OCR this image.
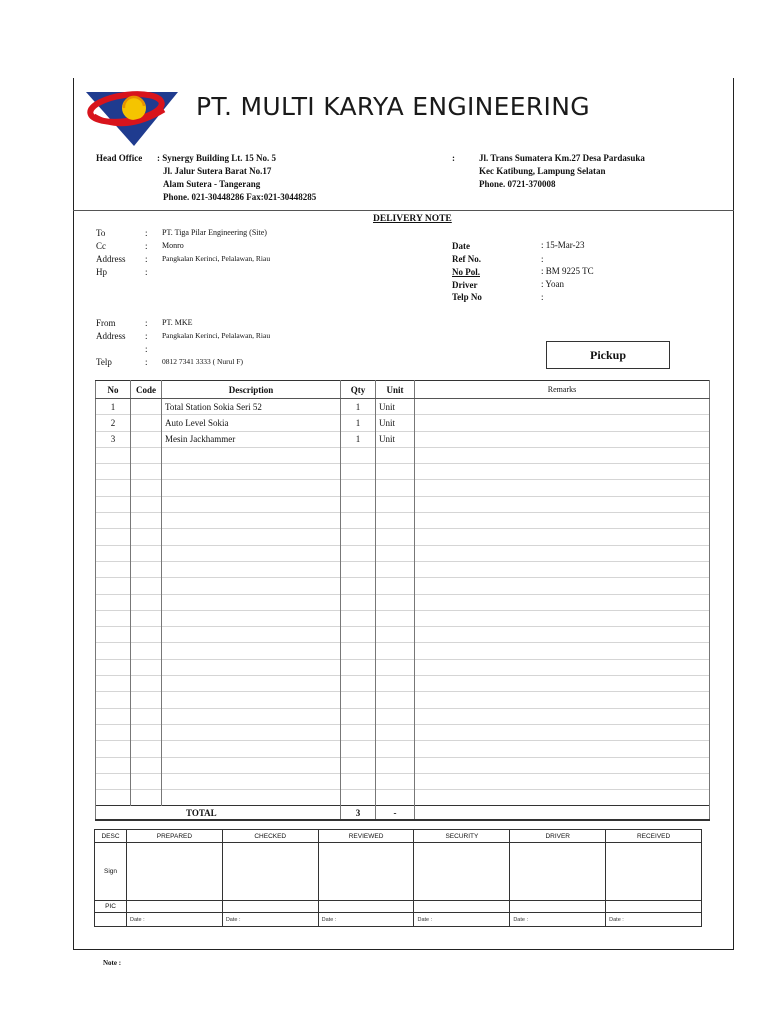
PT. MULTI KARYA ENGINEERING
Head Office : Synergy Building Lt. 15 No. 5
Jl. Jalur Sutera Barat No.17
Alam Sutera - Tangerang
Phone. 021-30448286 Fax:021-30448285
:	Jl. Trans Sumatera Km.27 Desa Pardasuka
Kec Katibung, Lampung Selatan
Phone. 0721-370008
DELIVERY NOTE
To	: PT. Tiga Pilar Engineering (Site)
Cc	: Monro
Address : Pangkalan Kerinci, Pelalawan, Riau
Hp	:
Date	: 15-Mar-23
Ref No.	:
No Pol.	: BM 9225 TC
Driver	: Yoan
Telp No	:
From	: PT. MKE
Address : Pangkalan Kerinci, Pelalawan, Riau
:
Telp	: 0812 7341 3333 ( Nurul F)	Pickup
No	Code	Description	Qty	Unit	Remarks
1		Total Station Sokia Seri 52	1	Unit	
2		Auto Level Sokia	1	Unit	
3		Mesin Jackhammer	1	Unit	

TOTAL			3	-	
DESC	PREPARED	CHECKED	REVIEWED	SECURITY	DRIVER	RECEIVED
Sign						
PIC						
	Date :	Date :	Date :	Date :	Date :	Date :
Note :
